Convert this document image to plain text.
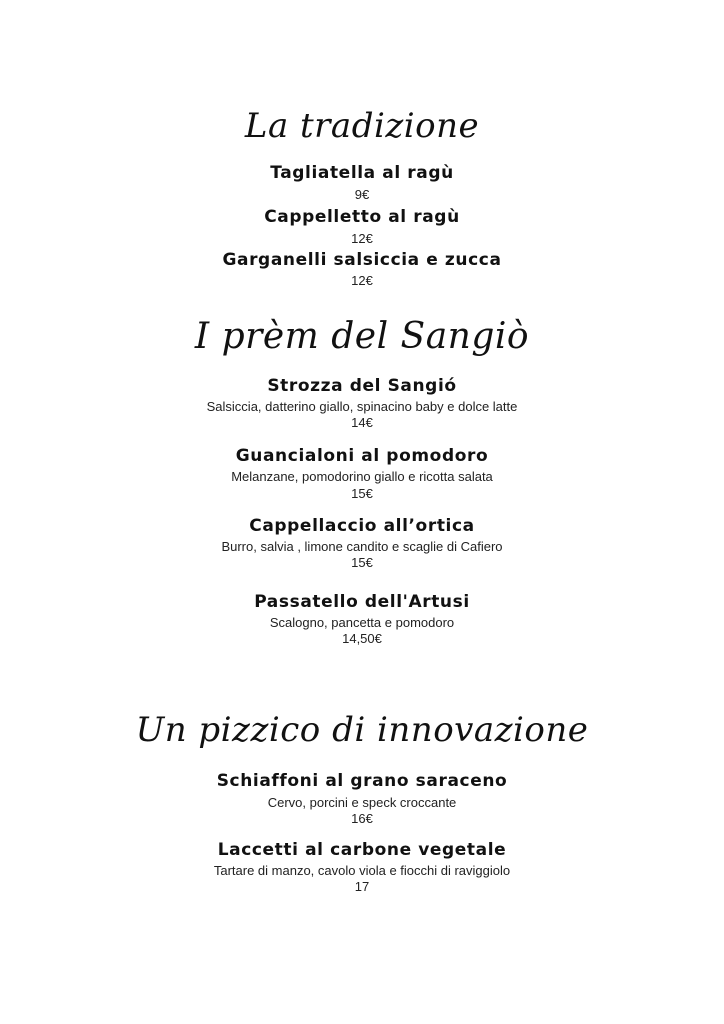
La tradizione
Tagliatella al ragù
9€
Cappelletto al ragù
12€
Garganelli salsiccia e zucca
12€
I prèm del Sangiò
Strozza del Sangió
Salsiccia, datterino giallo, spinacino baby e dolce latte
14€
Guancialoni al pomodoro
Melanzane, pomodorino giallo e ricotta salata
15€
Cappellaccio all’ortica
Burro, salvia , limone candito e scaglie di Cafiero
15€
Passatello dell'Artusi
Scalogno, pancetta e pomodoro
14,50€
Un pizzico di innovazione
Schiaffoni al grano saraceno
Cervo, porcini e speck croccante
16€
Laccetti al carbone vegetale
Tartare di manzo, cavolo viola e fiocchi di raviggiolo
17
